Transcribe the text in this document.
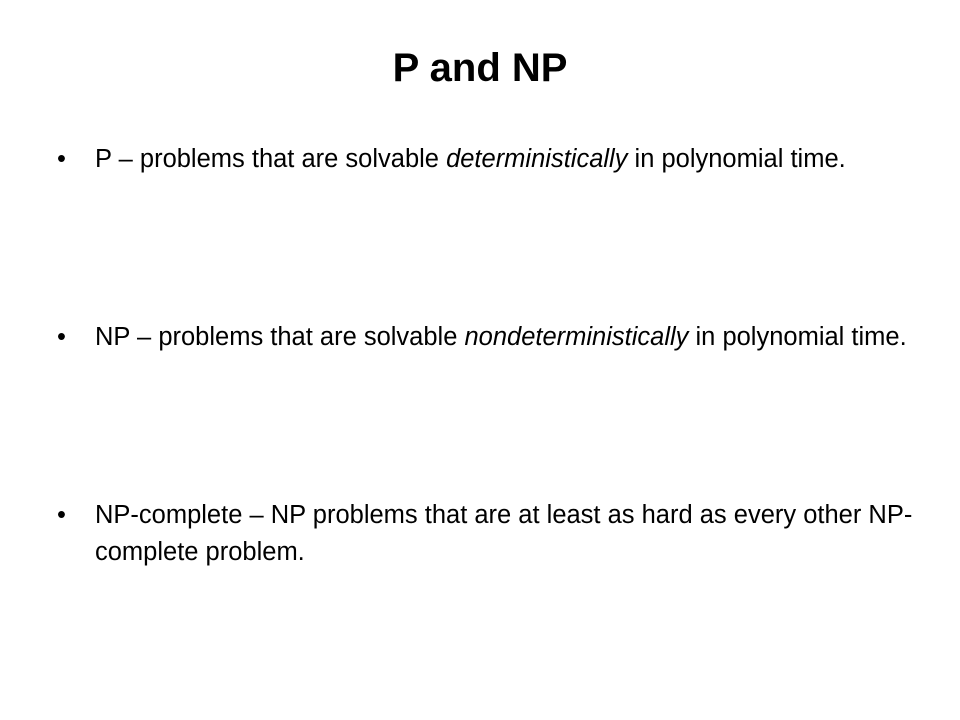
P and NP
•	P – problems that are solvable deterministically in polynomial time.
•	NP – problems that are solvable nondeterministically in polynomial time.
•	NP-complete – NP problems that are at least as hard as every other NP-complete problem.
